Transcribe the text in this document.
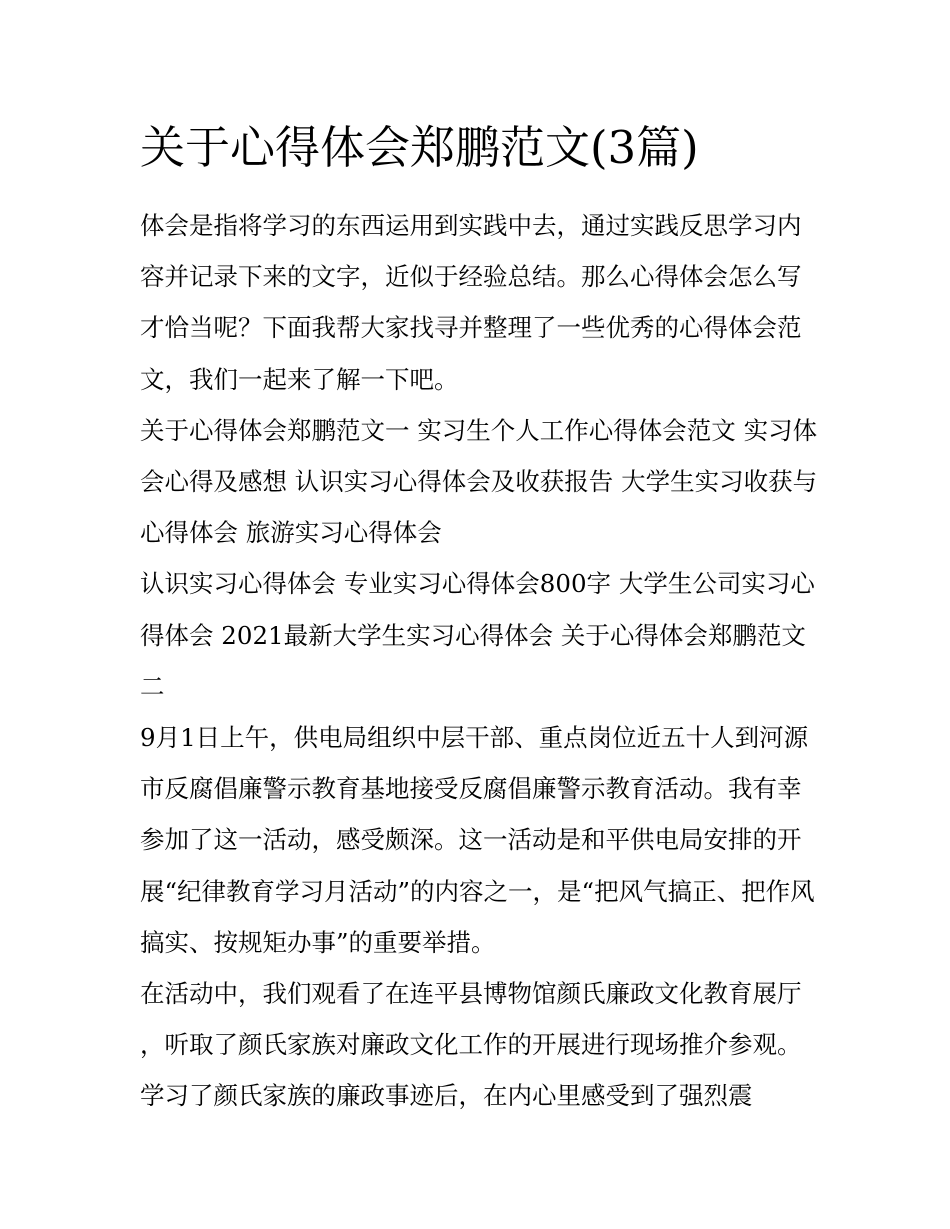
关于心得体会郑鹏范文(3篇)

体会是指将学习的东西运用到实践中去，通过实践反思学习内容并记录下来的文字，近似于经验总结。那么心得体会怎么写才恰当呢？下面我帮大家找寻并整理了一些优秀的心得体会范文，我们一起来了解一下吧。

关于心得体会郑鹏范文一 实习生个人工作心得体会范文 实习体会心得及感想 认识实习心得体会及收获报告 大学生实习收获与心得体会 旅游实习心得体会

认识实习心得体会 专业实习心得体会800字 大学生公司实习心得体会 2021最新大学生实习心得体会 关于心得体会郑鹏范文二

9月1日上午，供电局组织中层干部、重点岗位近五十人到河源市反腐倡廉警示教育基地接受反腐倡廉警示教育活动。我有幸参加了这一活动，感受颇深。这一活动是和平供电局安排的开展“纪律教育学习月活动”的内容之一，是“把风气搞正、把作风搞实、按规矩办事”的重要举措。

在活动中，我们观看了在连平县博物馆颜氏廉政文化教育展厅，听取了颜氏家族对廉政文化工作的开展进行现场推介参观。学习了颜氏家族的廉政事迹后，在内心里感受到了强烈震
